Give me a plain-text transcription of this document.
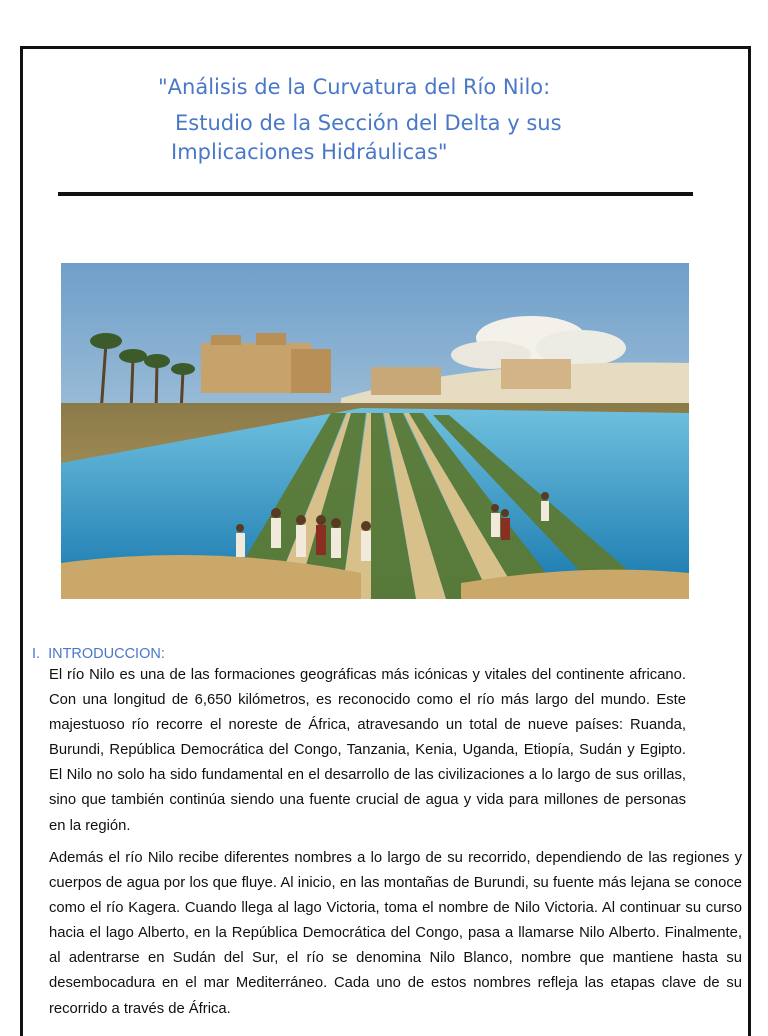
"Análisis de la Curvatura del Río Nilo:
Estudio de la Sección del Delta y sus
Implicaciones Hidráulicas"
I. INTRODUCCION:

El río Nilo es una de las formaciones geográficas más icónicas y vitales del continente africano. Con una longitud de 6,650 kilómetros, es reconocido como el río más largo del mundo. Este majestuoso río recorre el noreste de África, atravesando un total de nueve países: Ruanda, Burundi, República Democrática del Congo, Tanzania, Kenia, Uganda, Etiopía, Sudán y Egipto. El Nilo no solo ha sido fundamental en el desarrollo de las civilizaciones a lo largo de sus orillas, sino que también continúa siendo una fuente crucial de agua y vida para millones de personas en la región.

Además el río Nilo recibe diferentes nombres a lo largo de su recorrido, dependiendo de las regiones y cuerpos de agua por los que fluye. Al inicio, en las montañas de Burundi, su fuente más lejana se conoce como el río Kagera. Cuando llega al lago Victoria, toma el nombre de Nilo Victoria. Al continuar su curso hacia el lago Alberto, en la República Democrática del Congo, pasa a llamarse Nilo Alberto. Finalmente, al adentrarse en Sudán del Sur, el río se denomina Nilo Blanco, nombre que mantiene hasta su desembocadura en el mar Mediterráneo. Cada uno de estos nombres refleja las etapas clave de su recorrido a través de África.
